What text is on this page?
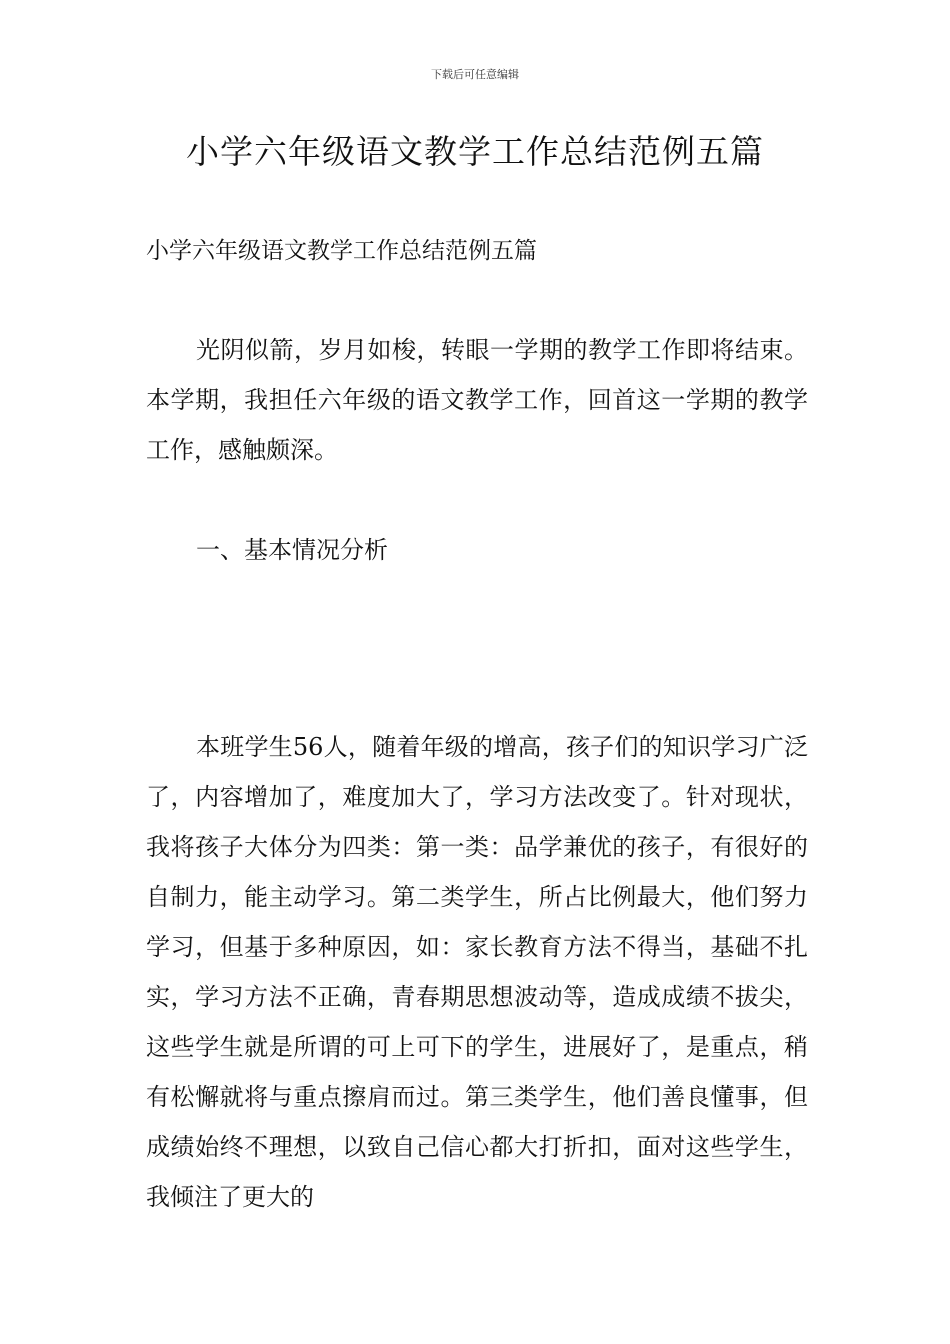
下载后可任意编辑
小学六年级语文教学工作总结范例五篇

小学六年级语文教学工作总结范例五篇

光阴似箭，岁月如梭，转眼一学期的教学工作即将结束。本学期，我担任六年级的语文教学工作，回首这一学期的教学工作，感触颇深。

一、基本情况分析

本班学生56人，随着年级的增高，孩子们的知识学习广泛了，内容增加了，难度加大了，学习方法改变了。针对现状，我将孩子大体分为四类：第一类：品学兼优的孩子，有很好的自制力，能主动学习。第二类学生，所占比例最大，他们努力学习，但基于多种原因，如：家长教育方法不得当，基础不扎实，学习方法不正确，青春期思想波动等，造成成绩不拔尖，这些学生就是所谓的可上可下的学生，进展好了，是重点，稍有松懈就将与重点擦肩而过。第三类学生，他们善良懂事，但成绩始终不理想，以致自己信心都大打折扣，面对这些学生，我倾注了更大的
